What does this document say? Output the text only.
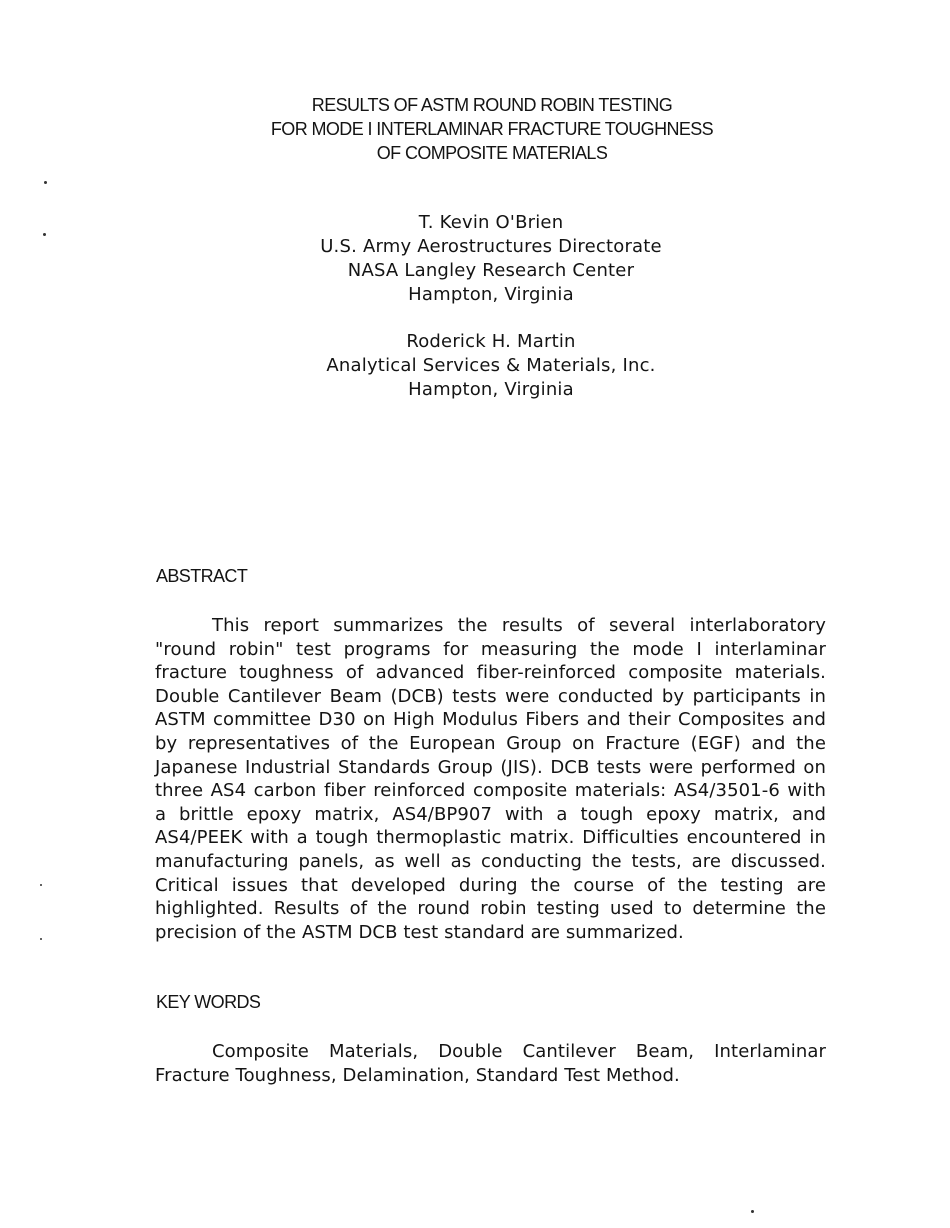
RESULTS OF ASTM ROUND ROBIN TESTING
FOR MODE I INTERLAMINAR FRACTURE TOUGHNESS
OF COMPOSITE MATERIALS
T. Kevin O'Brien
U.S. Army Aerostructures Directorate
NASA Langley Research Center
Hampton, Virginia
Roderick H. Martin
Analytical Services & Materials, Inc.
Hampton, Virginia
ABSTRACT

This report summarizes the results of several interlaboratory "round robin" test programs for measuring the mode I interlaminar fracture toughness of advanced fiber-reinforced composite materials. Double Cantilever Beam (DCB) tests were conducted by participants in ASTM committee D30 on High Modulus Fibers and their Composites and by representatives of the European Group on Fracture (EGF) and the Japanese Industrial Standards Group (JIS). DCB tests were performed on three AS4 carbon fiber reinforced composite materials: AS4/3501-6 with a brittle epoxy matrix, AS4/BP907 with a tough epoxy matrix, and AS4/PEEK with a tough thermoplastic matrix. Difficulties encountered in manufacturing panels, as well as conducting the tests, are discussed. Critical issues that developed during the course of the testing are highlighted. Results of the round robin testing used to determine the precision of the ASTM DCB test standard are summarized.

KEY WORDS

Composite Materials, Double Cantilever Beam, Interlaminar Fracture Toughness, Delamination, Standard Test Method.
